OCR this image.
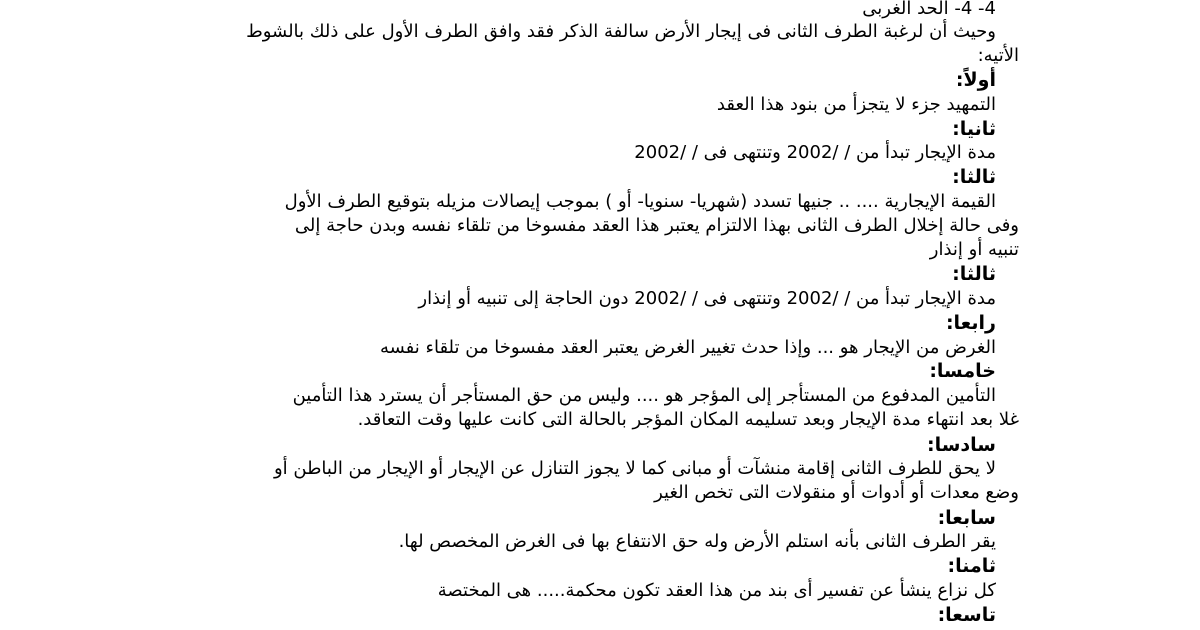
4- 4- الحد الغربى
وحيث أن لرغبة الطرف الثانى فى إيجار الأرض سالفة الذكر فقد وافق الطرف الأول على ذلك بالشوط
الأتيه:
أولاً:
التمهيد جزء لا يتجزأ من بنود هذا العقد
ثانيا:
مدة الإيجار تبدأ من / /2002 وتنتهى فى / /2002
ثالثا:
القيمة الإيجارية .... .. جنيها تسدد (شهريا- سنويا- أو ) بموجب إيصالات مزيله بتوقيع الطرف الأول
وفى حالة إخلال الطرف الثانى بهذا الالتزام يعتبر هذا العقد مفسوخا من تلقاء نفسه وبدن حاجة إلى
تنبيه أو إنذار
ثالثا:
مدة الإيجار تبدأ من / /2002 وتنتهى فى / /2002 دون الحاجة إلى تنبيه أو إنذار
رابعا:
الغرض من الإيجار هو ... وإذا حدث تغيير الغرض يعتبر العقد مفسوخا من تلقاء نفسه
خامسا:
التأمين المدفوع من المستأجر إلى المؤجر هو .... وليس من حق المستأجر أن يسترد هذا التأمين
غلا بعد انتهاء مدة الإيجار وبعد تسليمه المكان المؤجر بالحالة التى كانت عليها وقت التعاقد.
سادسا:
لا يحق للطرف الثانى إقامة منشآت أو مبانى كما لا يجوز التنازل عن الإيجار أو الإيجار من الباطن أو
وضع معدات أو أدوات أو منقولات التى تخص الغير
سابعا:
يقر الطرف الثانى بأنه استلم الأرض وله حق الانتفاع بها فى الغرض المخصص لها.
ثامنا:
كل نزاع ينشأ عن تفسير أى بند من هذا العقد تكون محكمة..... هى المختصة
تاسعا:
